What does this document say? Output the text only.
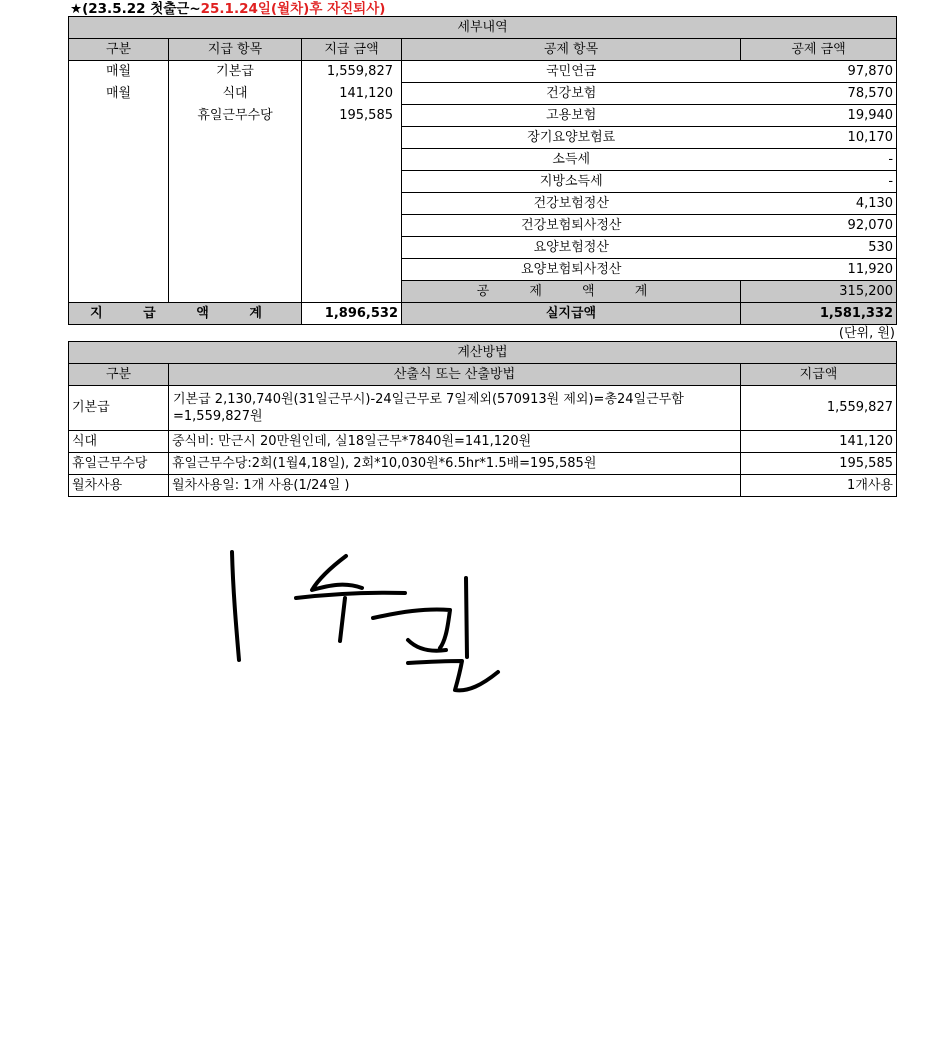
★(23.5.22 첫출근~25.1.24일(월차)후 자진퇴사)
세부내역				
구분	지급 항목	지급 금액	공제 항목	공제 금액
매월	기본급	1,559,827	국민연금	97,870
매월	식대	141,120	건강보험	78,570
	휴일근무수당	195,585	고용보험	19,940
			장기요양보험료	10,170
			소득세	-
			지방소득세	-
			건강보험정산	4,130
			건강보험퇴사정산	92,070
			요양보험정산	530
			요양보험퇴사정산	11,920
			공 제 액 계	315,200
지 급 액 계		1,896,532	실지급액	1,581,332
(단위, 원)
계산방법		
구분	산출식 또는 산출방법	지급액
기본급	기본급 2,130,740원(31일근무시)-24일근무로 7일제외(570913원 제외)=총24일근무함=1,559,827원	1,559,827
식대	중식비: 만근시 20만원인데, 실18일근무*7840원=141,120원	141,120
휴일근무수당	휴일근무수당:2회(1월4,18일), 2회*10,030원*6.5hr*1.5배=195,585원	195,585
월차사용	월차사용일: 1개 사용(1/24일 )	1개사용
